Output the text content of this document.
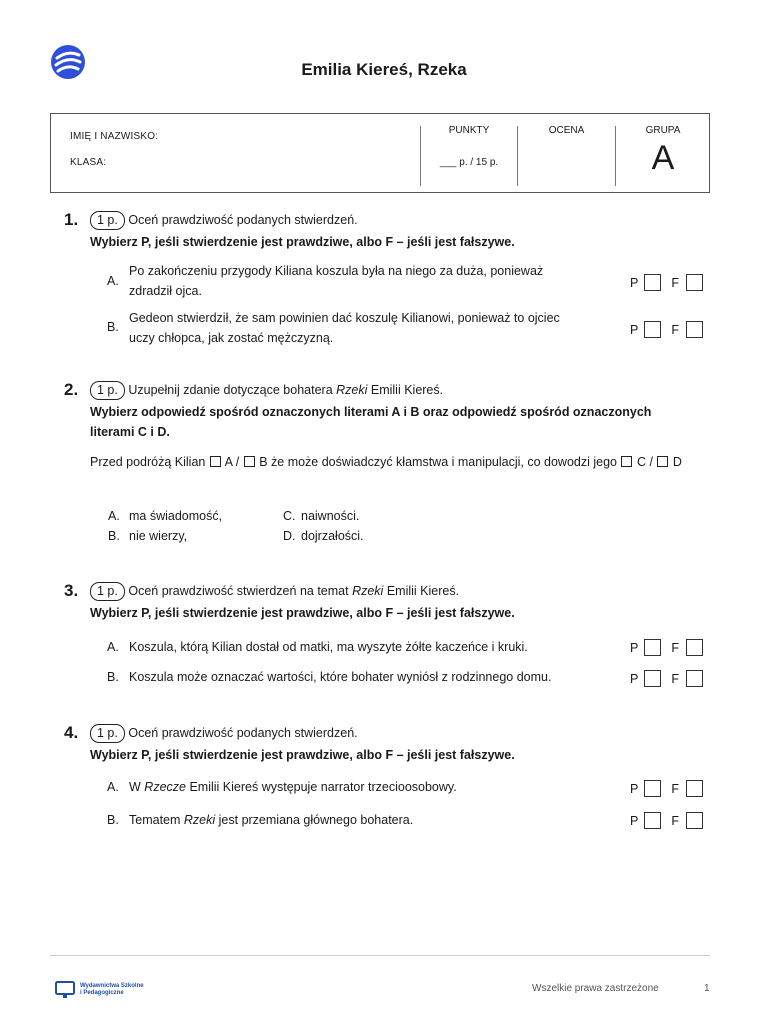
Emilia Kiereś, Rzeka
IMIĘ I NAZWISKO:
KLASA:
PUNKTY
___ p. / 15 p.
OCENA	GRUPA
A
1.	1 p. Oceń prawdziwość podanych stwierdzeń.
Wybierz P, jeśli stwierdzenie jest prawdziwe, albo F – jeśli jest fałszywe.
A.
Po zakończeniu przygody Kiliana koszula była na niego za duża, ponieważ
zdradził ojca.
P	F
B.
Gedeon stwierdził, że sam powinien dać koszulę Kilianowi, ponieważ to ojciec
uczy chłopca, jak zostać mężczyzną.
P	F
2.	1 p. Uzupełnij zdanie dotyczące bohatera Rzeki Emilii Kiereś.
Wybierz odpowiedź spośród oznaczonych literami A i B oraz odpowiedź spośród oznaczonych
literami C i D.
Przed podróżą Kilian A / B że może doświadczyć kłamstwa i manipulacji, co dowodzi jego C / D
A. ma świadomość,	C. naiwności.
B. nie wierzy,	D. dojrzałości.
3.	1 p. Oceń prawdziwość stwierdzeń na temat Rzeki Emilii Kiereś.
Wybierz P, jeśli stwierdzenie jest prawdziwe, albo F – jeśli jest fałszywe.
A. Koszula, którą Kilian dostał od matki, ma wyszyte żółte kaczeńce i kruki.	P	F
B. Koszula może oznaczać wartości, które bohater wyniósł z rodzinnego domu.	P	F
4.	1 p. Oceń prawdziwość podanych stwierdzeń.
Wybierz P, jeśli stwierdzenie jest prawdziwe, albo F – jeśli jest fałszywe.
A. W Rzecze Emilii Kiereś występuje narrator trzecioosobowy.	P	F
B. Tematem Rzeki jest przemiana głównego bohatera.	P	F
Wydawnictwa Szkolne
i Pedagogiczne	Wszelkie prawa zastrzeżone	1
